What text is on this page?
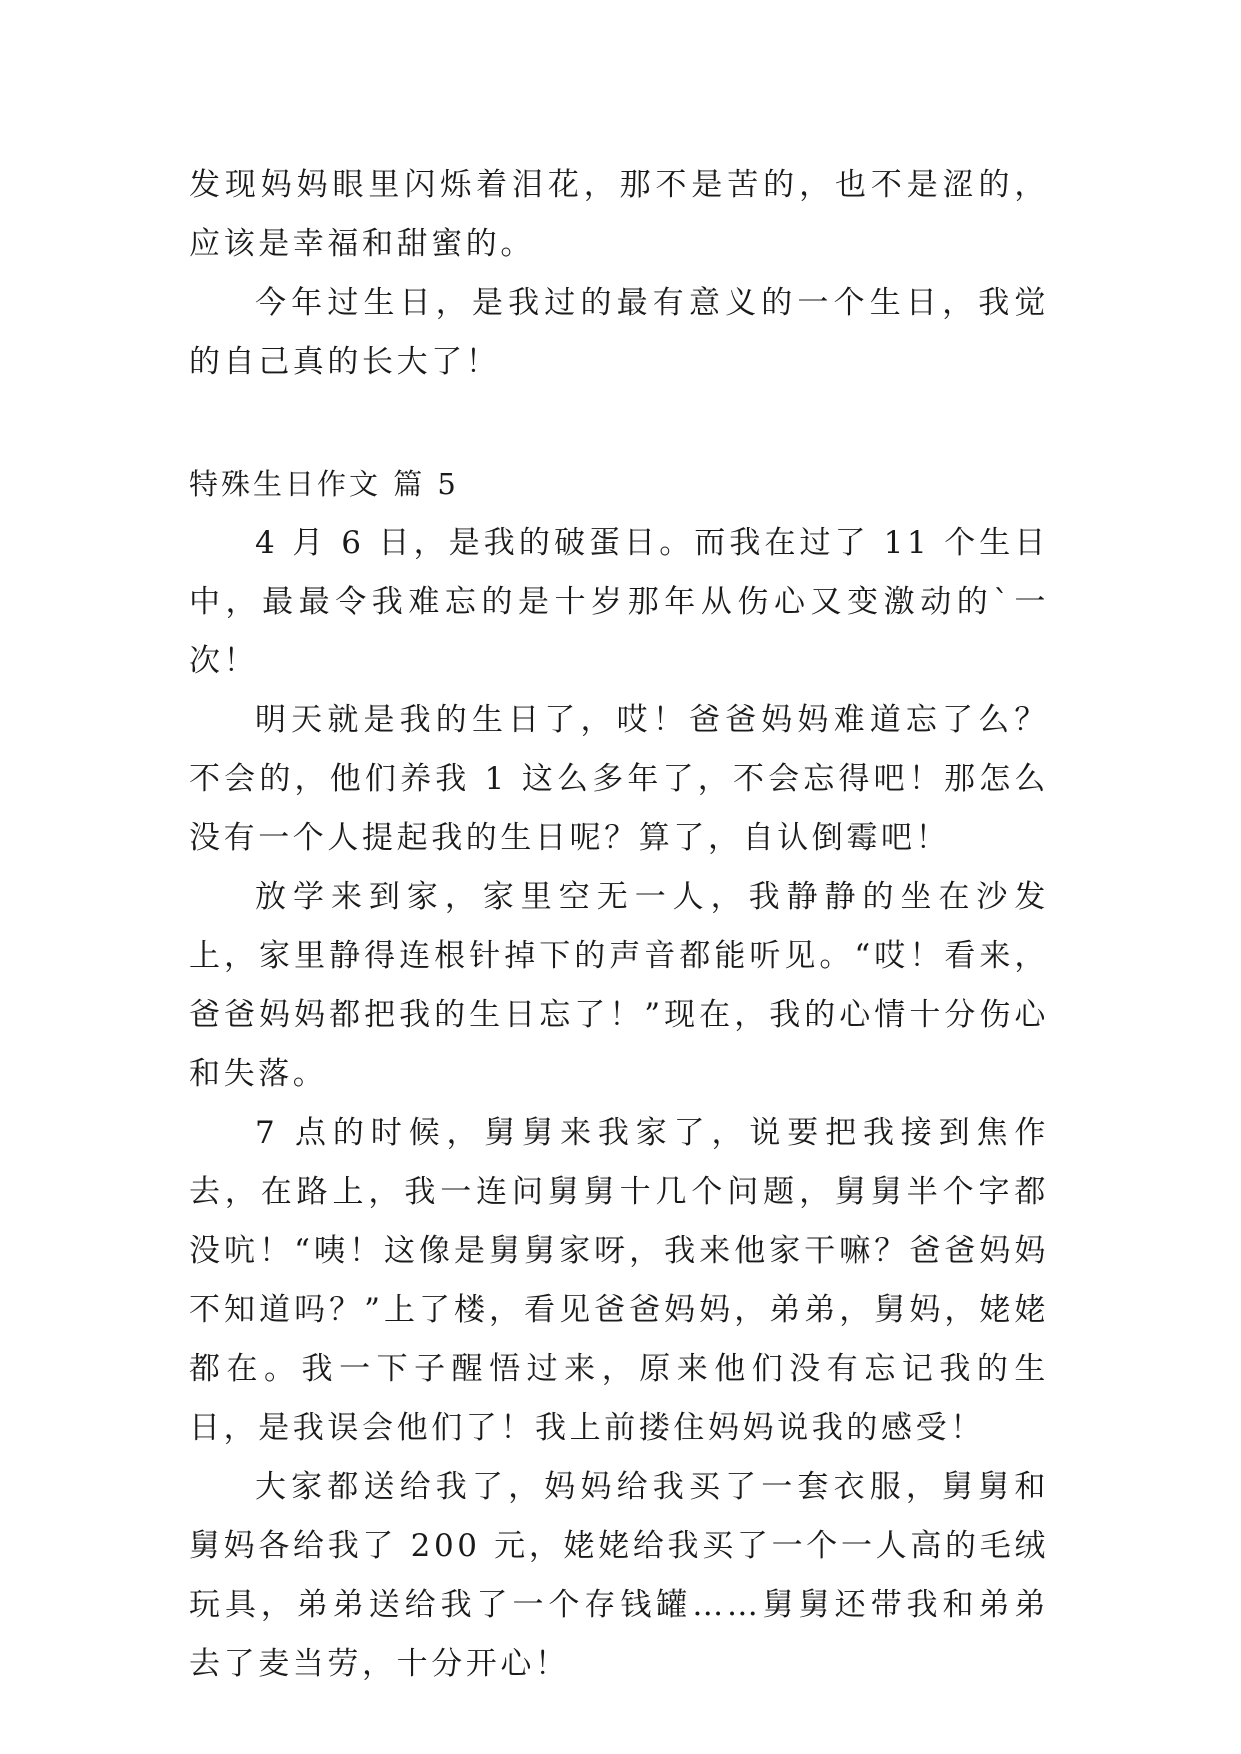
发现妈妈眼里闪烁着泪花，那不是苦的，也不是涩的，应该是幸福和甜蜜的。

今年过生日，是我过的最有意义的一个生日，我觉的自己真的长大了！

特殊生日作文 篇 5

4 月 6 日，是我的破蛋日。而我在过了 11 个生日中，最最令我难忘的是十岁那年从伤心又变激动的`一次！

明天就是我的生日了，哎！爸爸妈妈难道忘了么？不会的，他们养我 1 这么多年了，不会忘得吧！那怎么没有一个人提起我的生日呢？算了，自认倒霉吧！

放学来到家，家里空无一人，我静静的坐在沙发上，家里静得连根针掉下的声音都能听见。“哎！看来，爸爸妈妈都把我的生日忘了！”现在，我的心情十分伤心和失落。

7 点的时候，舅舅来我家了，说要把我接到焦作去，在路上，我一连问舅舅十几个问题，舅舅半个字都没吭！“咦！这像是舅舅家呀，我来他家干嘛？爸爸妈妈不知道吗？”上了楼，看见爸爸妈妈，弟弟，舅妈，姥姥都在。我一下子醒悟过来，原来他们没有忘记我的生日，是我误会他们了！我上前搂住妈妈说我的感受！

大家都送给我了，妈妈给我买了一套衣服，舅舅和舅妈各给我了 200 元，姥姥给我买了一个一人高的毛绒玩具，弟弟送给我了一个存钱罐……舅舅还带我和弟弟去了麦当劳，十分开心！
